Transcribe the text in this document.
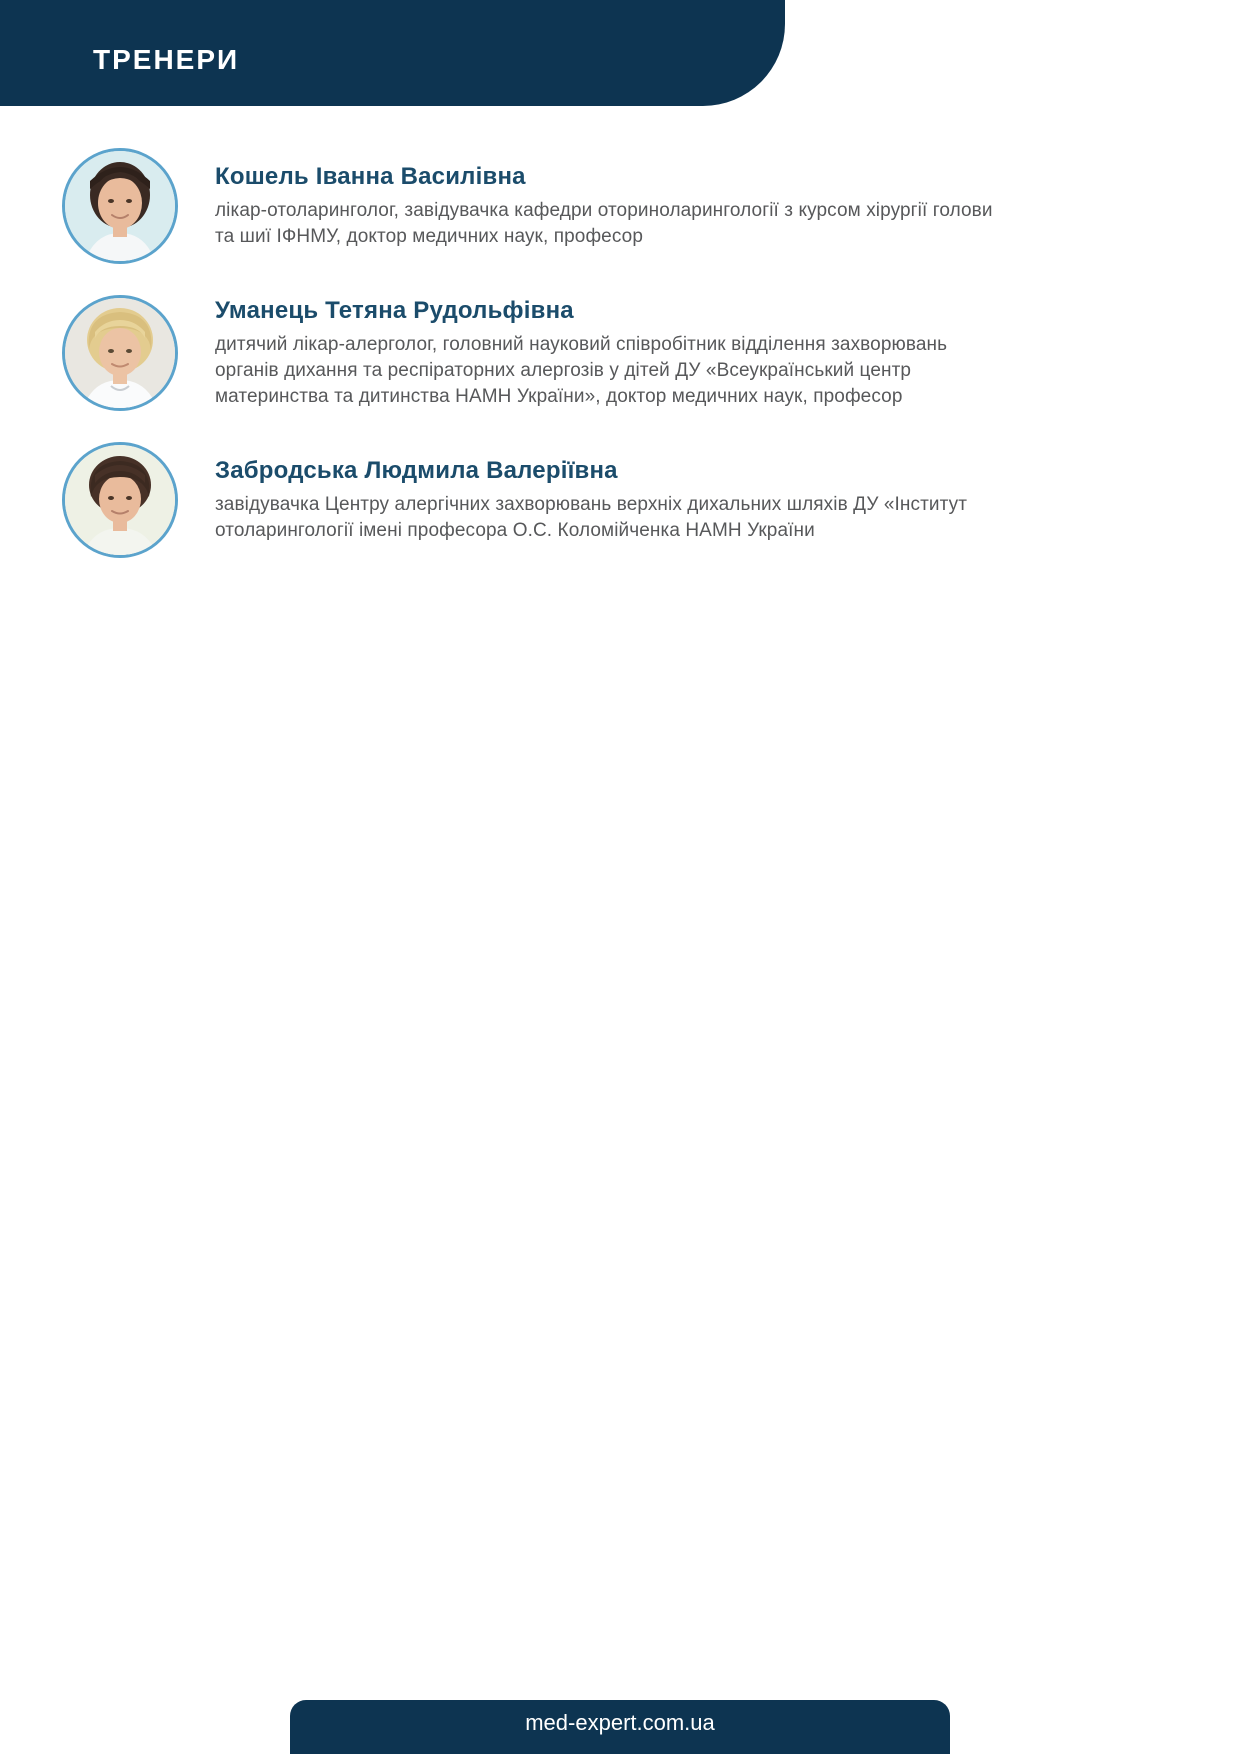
ТРЕНЕРИ
Кошель Іванна Василівна
лікар-отоларинголог, завідувачка кафедри оториноларингології з курсом хірургії голови та шиї ІФНМУ, доктор медичних наук, професор
Уманець Тетяна Рудольфівна
дитячий лікар-алерголог, головний науковий співробітник відділення захворювань органів дихання та респіраторних алергозів у дітей ДУ «Всеукраїнський центр материнства та дитинства НАМН України», доктор медичних наук, професор
Забродська Людмила Валеріївна
завідувачка Центру алергічних захворювань верхніх дихальних шляхів ДУ «Інститут отоларингології імені професора О.С. Коломійченка НАМН України
med-expert.com.ua
